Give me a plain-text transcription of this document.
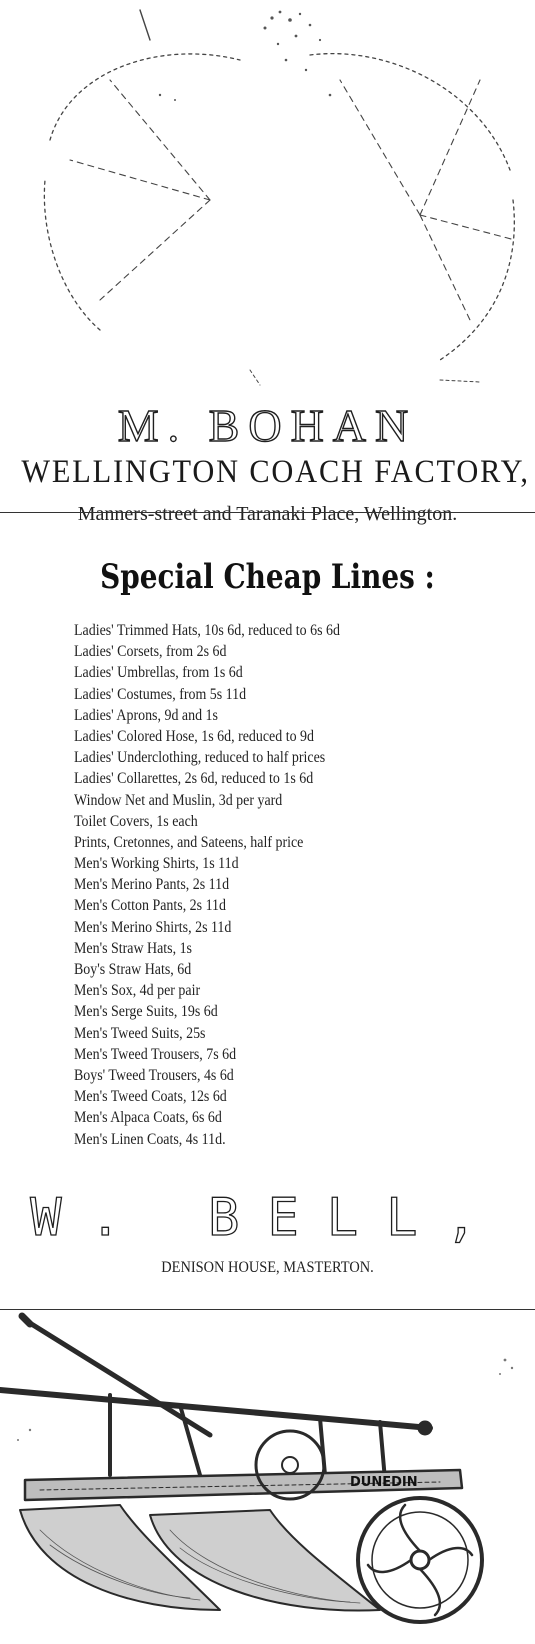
M. BOHAN
WELLINGTON COACH FACTORY,
Manners-street and Taranaki Place, Wellington.
Special Cheap Lines :
Ladies' Trimmed Hats, 10s 6d, reduced to 6s 6d
Ladies' Corsets, from 2s 6d
Ladies' Umbrellas, from 1s 6d
Ladies' Costumes, from 5s 11d
Ladies' Aprons, 9d and 1s
Ladies' Colored Hose, 1s 6d, reduced to 9d
Ladies' Underclothing, reduced to half prices
Ladies' Collarettes, 2s 6d, reduced to 1s 6d
Window Net and Muslin, 3d per yard
Toilet Covers, 1s each
Prints, Cretonnes, and Sateens, half price
Men's Working Shirts, 1s 11d
Men's Merino Pants, 2s 11d
Men's Cotton Pants, 2s 11d
Men's Merino Shirts, 2s 11d
Men's Straw Hats, 1s
Boy's Straw Hats, 6d
Men's Sox, 4d per pair
Men's Serge Suits, 19s 6d
Men's Tweed Suits, 25s
Men's Tweed Trousers, 7s 6d
Boys' Tweed Trousers, 4s 6d
Men's Tweed Coats, 12s 6d
Men's Alpaca Coats, 6s 6d
Men's Linen Coats, 4s 11d.
W. BELL,
DENISON HOUSE, MASTERTON.
DUNEDIN
